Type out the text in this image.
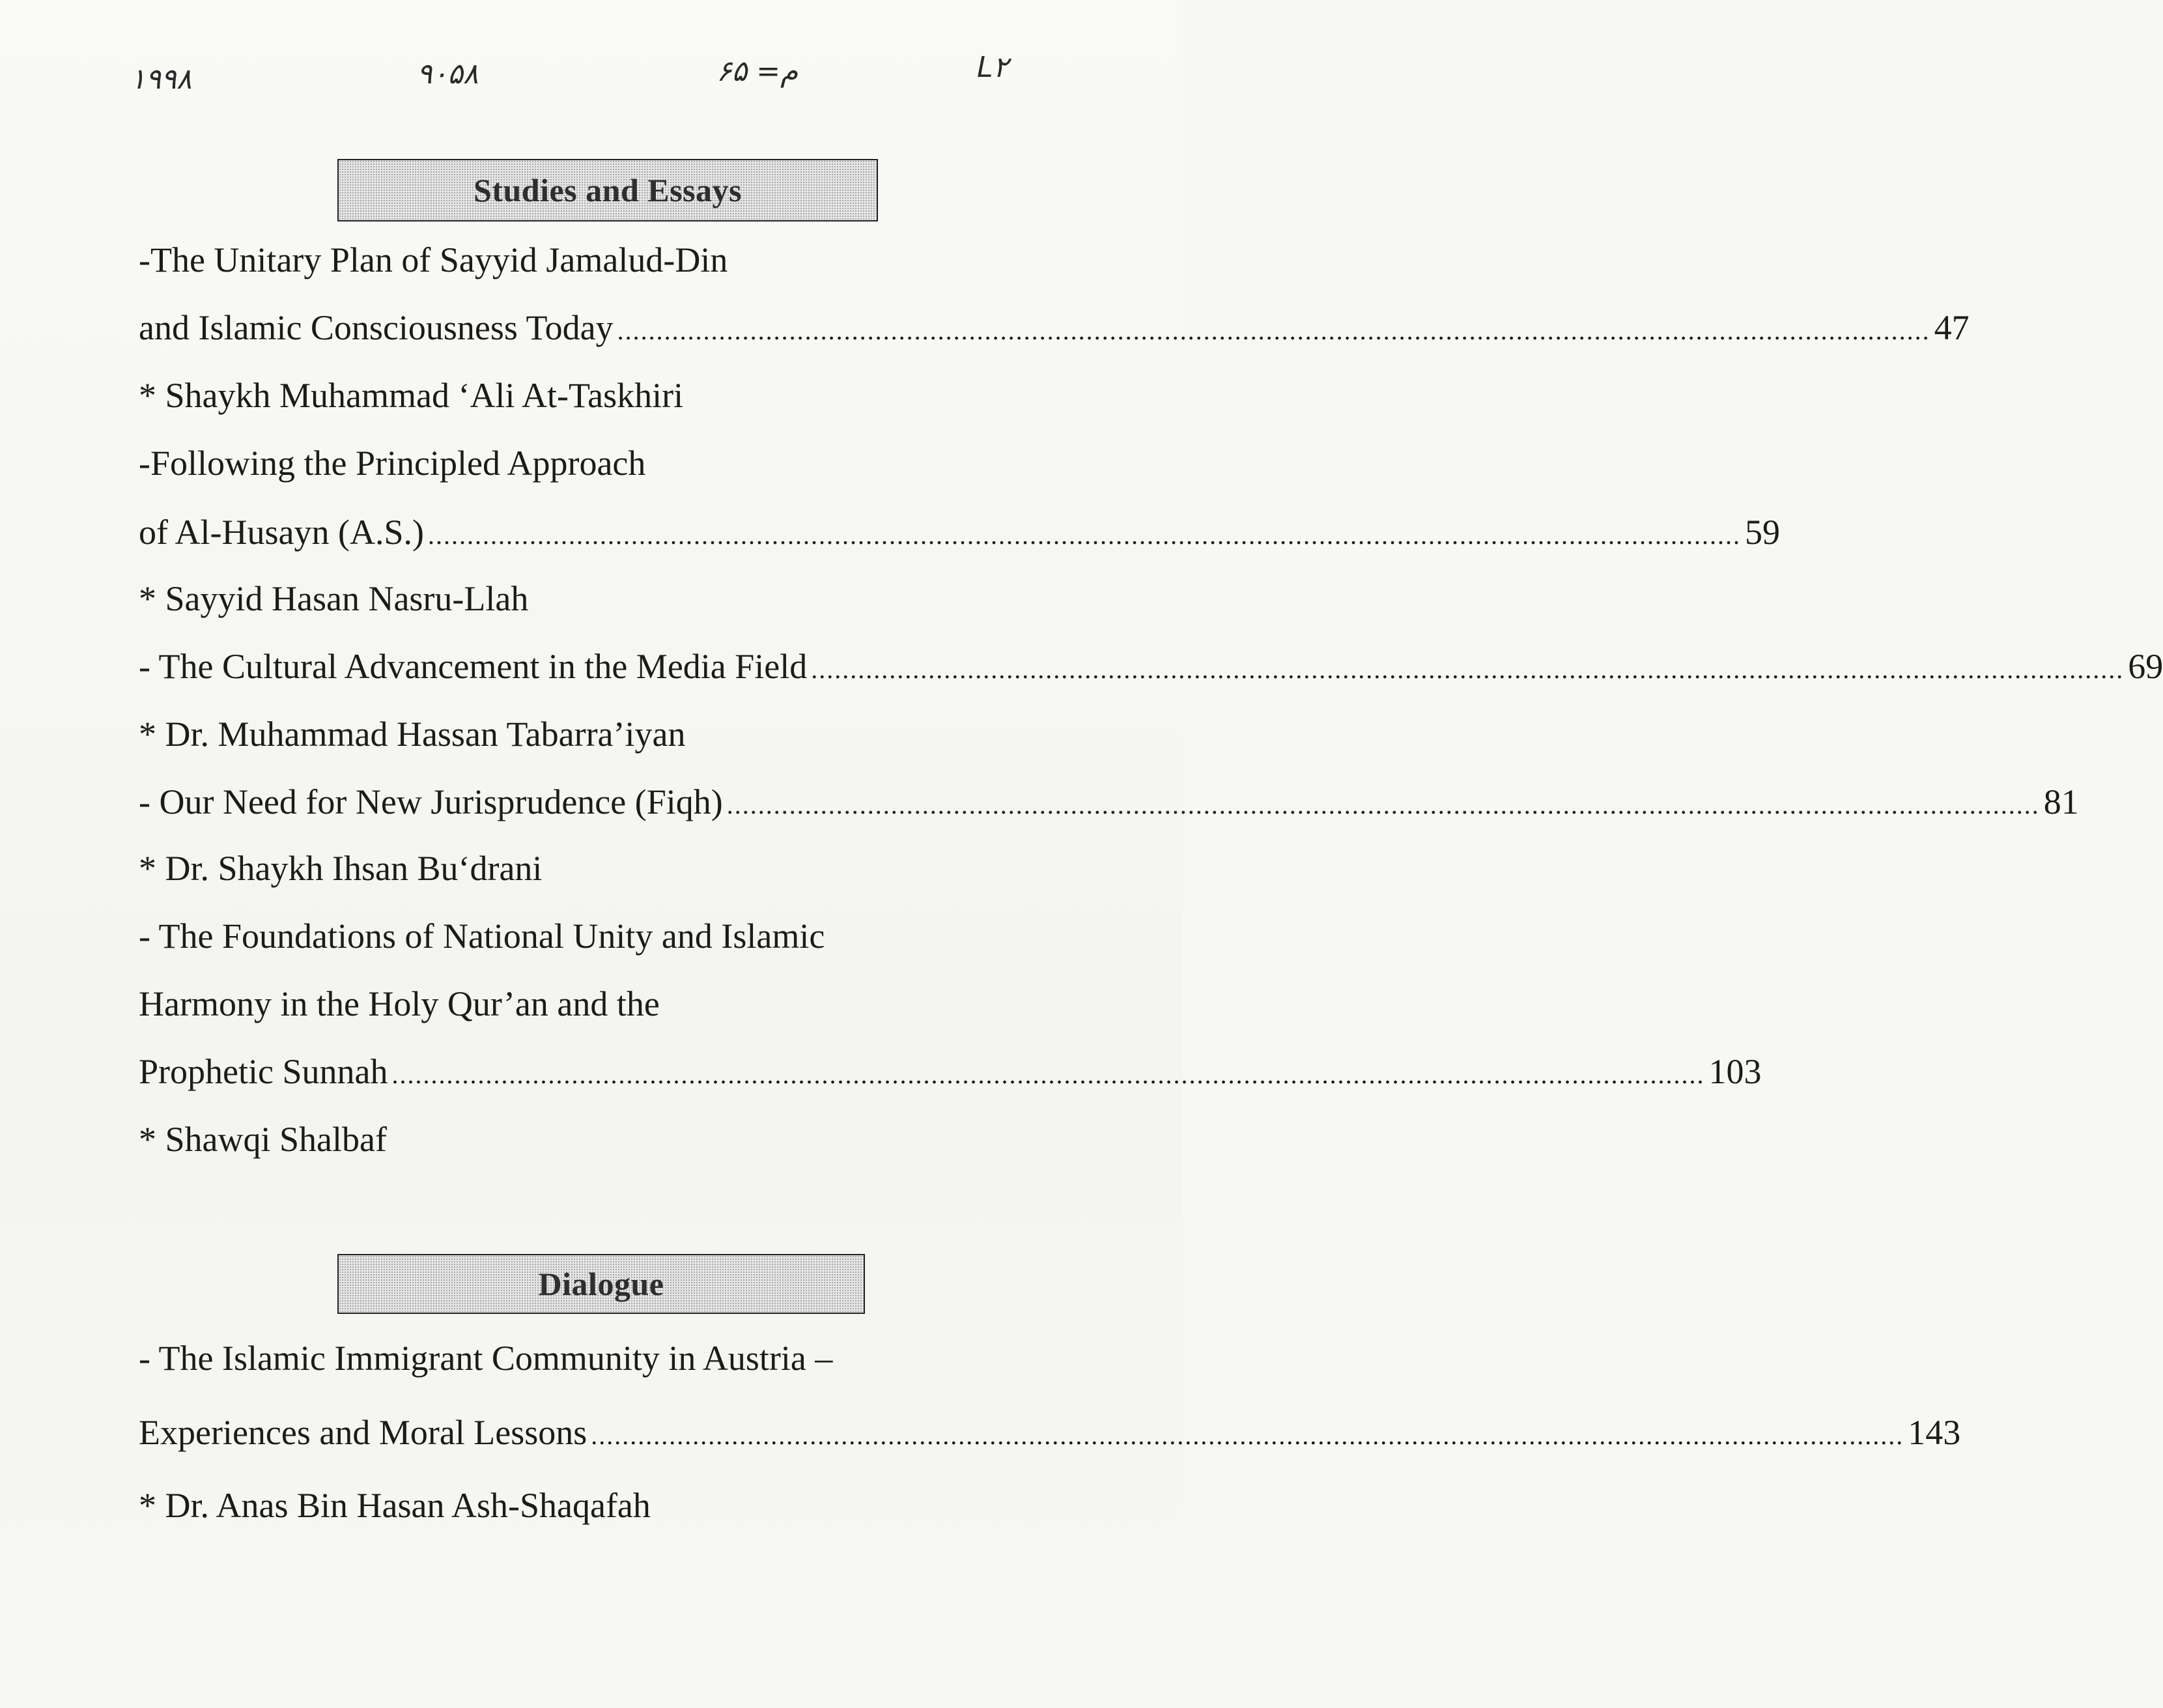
۱۹۹۸	۹۰۵۸	م= ۶۵	L۲
Studies and Essays
-The Unitary Plan of Sayyid Jamalud-Din
and Islamic Consciousness Today ........................................................................................................................................................................ 47
* Shaykh Muhammad ‘Ali At-Taskhiri
-Following the Principled Approach
of Al-Husayn (A.S.) ........................................................................................................................................................................ 59
* Sayyid Hasan Nasru-Llah
- The Cultural Advancement in the Media Field ........................................................................................................................................................................ 69
* Dr. Muhammad Hassan Tabarra’iyan
- Our Need for New Jurisprudence (Fiqh) ........................................................................................................................................................................ 81
* Dr. Shaykh Ihsan Bu‘drani
- The Foundations of National Unity and Islamic
Harmony in the Holy Qur’an and the
Prophetic Sunnah ........................................................................................................................................................................ 103
* Shawqi Shalbaf
Dialogue
- The Islamic Immigrant Community in Austria –
Experiences and Moral Lessons ........................................................................................................................................................................ 143
* Dr. Anas Bin Hasan Ash-Shaqafah
